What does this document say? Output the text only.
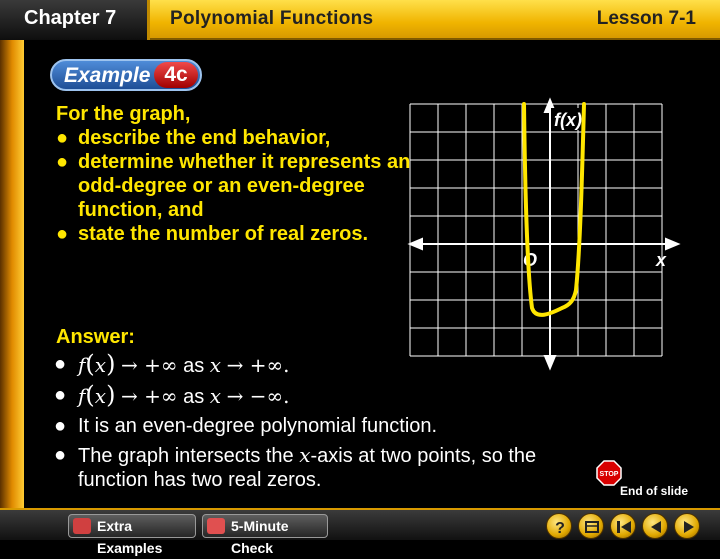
Chapter 7	Polynomial Functions	Lesson 7-1
Example 4c
For the graph,
● describe the end behavior,
● determine whether it represents an odd-degree or an even-degree function, and
● state the number of real zeros.
f(x)
x
O
Answer:
● f(x) → +∞ as x → +∞.
● f(x) → +∞ as x → −∞.
● It is an even-degree polynomial function.
● The graph intersects the x-axis at two points, so the function has two real zeros.	STOP
End of slide
Extra Examples
5-Minute Check
?
